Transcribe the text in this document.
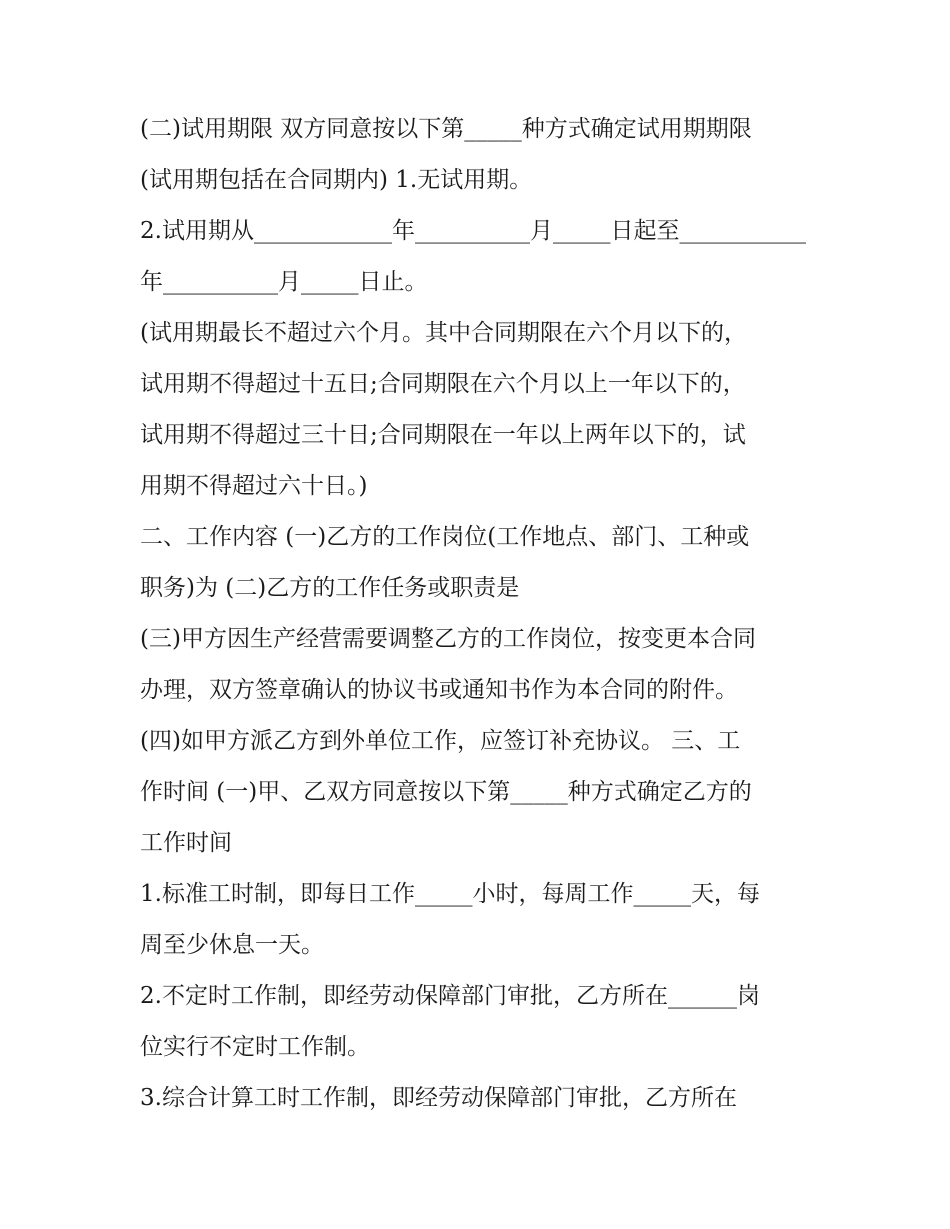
(二)试用期限 双方同意按以下第_____种方式确定试用期期限
(试用期包括在合同期内) 1.无试用期。
2.试用期从____________年__________月_____日起至___________
年__________月_____日止。
(试用期最长不超过六个月。其中合同期限在六个月以下的，
试用期不得超过十五日;合同期限在六个月以上一年以下的，
试用期不得超过三十日;合同期限在一年以上两年以下的，试
用期不得超过六十日。)
二、工作内容 (一)乙方的工作岗位(工作地点、部门、工种或
职务)为 (二)乙方的工作任务或职责是
(三)甲方因生产经营需要调整乙方的工作岗位，按变更本合同
办理，双方签章确认的协议书或通知书作为本合同的附件。
(四)如甲方派乙方到外单位工作，应签订补充协议。 三、工
作时间 (一)甲、乙双方同意按以下第_____种方式确定乙方的
工作时间
1.标准工时制，即每日工作_____小时，每周工作_____天，每
周至少休息一天。
2.不定时工作制，即经劳动保障部门审批，乙方所在______岗
位实行不定时工作制。
3.综合计算工时工作制，即经劳动保障部门审批，乙方所在
